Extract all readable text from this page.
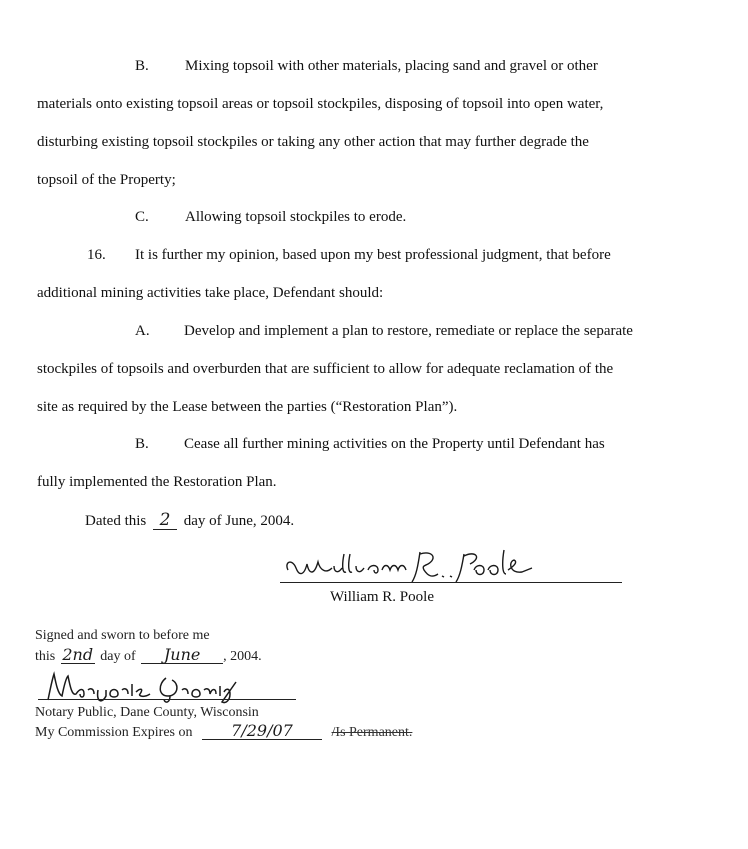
B. Mixing topsoil with other materials, placing sand and gravel or other
materials onto existing topsoil areas or topsoil stockpiles, disposing of topsoil into open water,
disturbing existing topsoil stockpiles or taking any other action that may further degrade the
topsoil of the Property;
C. Allowing topsoil stockpiles to erode.
16. It is further my opinion, based upon my best professional judgment, that before
additional mining activities take place, Defendant should:
A. Develop and implement a plan to restore, remediate or replace the separate
stockpiles of topsoils and overburden that are sufficient to allow for adequate reclamation of the
site as required by the Lease between the parties (“Restoration Plan”).
B. Cease all further mining activities on the Property until Defendant has
fully implemented the Restoration Plan.
Dated this 2 day of June, 2004.
William R. Poole
Signed and sworn to before me
this 2nd day of June , 2004.
Notary Public, Dane County, Wisconsin
My Commission Expires on 7/29/07	/Is Permanent.
